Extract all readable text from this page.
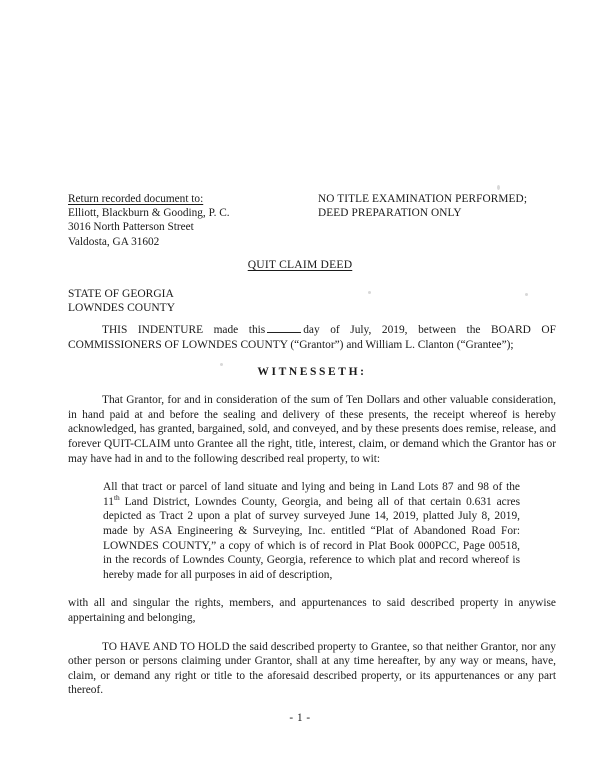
Return recorded document to:
Elliott, Blackburn & Gooding, P. C.
3016 North Patterson Street
Valdosta, GA 31602
NO TITLE EXAMINATION PERFORMED;
DEED PREPARATION ONLY
QUIT CLAIM DEED
STATE OF GEORGIA
LOWNDES COUNTY

THIS INDENTURE made this	day of July, 2019, between the BOARD OF COMMISSIONERS OF LOWNDES COUNTY (“Grantor”) and William L. Clanton (“Grantee”);

WITNESSETH:

That Grantor, for and in consideration of the sum of Ten Dollars and other valuable consideration, in hand paid at and before the sealing and delivery of these presents, the receipt whereof is hereby acknowledged, has granted, bargained, sold, and conveyed, and by these presents does remise, release, and forever QUIT-CLAIM unto Grantee all the right, title, interest, claim, or demand which the Grantor has or may have had in and to the following described real property, to wit:

All that tract or parcel of land situate and lying and being in Land Lots 87 and 98 of the 11th Land District, Lowndes County, Georgia, and being all of that certain 0.631 acres depicted as Tract 2 upon a plat of survey surveyed June 14, 2019, platted July 8, 2019, made by ASA Engineering & Surveying, Inc. entitled “Plat of Abandoned Road For: LOWNDES COUNTY,” a copy of which is of record in Plat Book 000PCC, Page 00518, in the records of Lowndes County, Georgia, reference to which plat and record whereof is hereby made for all purposes in aid of description,

with all and singular the rights, members, and appurtenances to said described property in anywise appertaining and belonging,

TO HAVE AND TO HOLD the said described property to Grantee, so that neither Grantor, nor any other person or persons claiming under Grantor, shall at any time hereafter, by any way or means, have, claim, or demand any right or title to the aforesaid described property, or its appurtenances or any part thereof.

- 1 -
